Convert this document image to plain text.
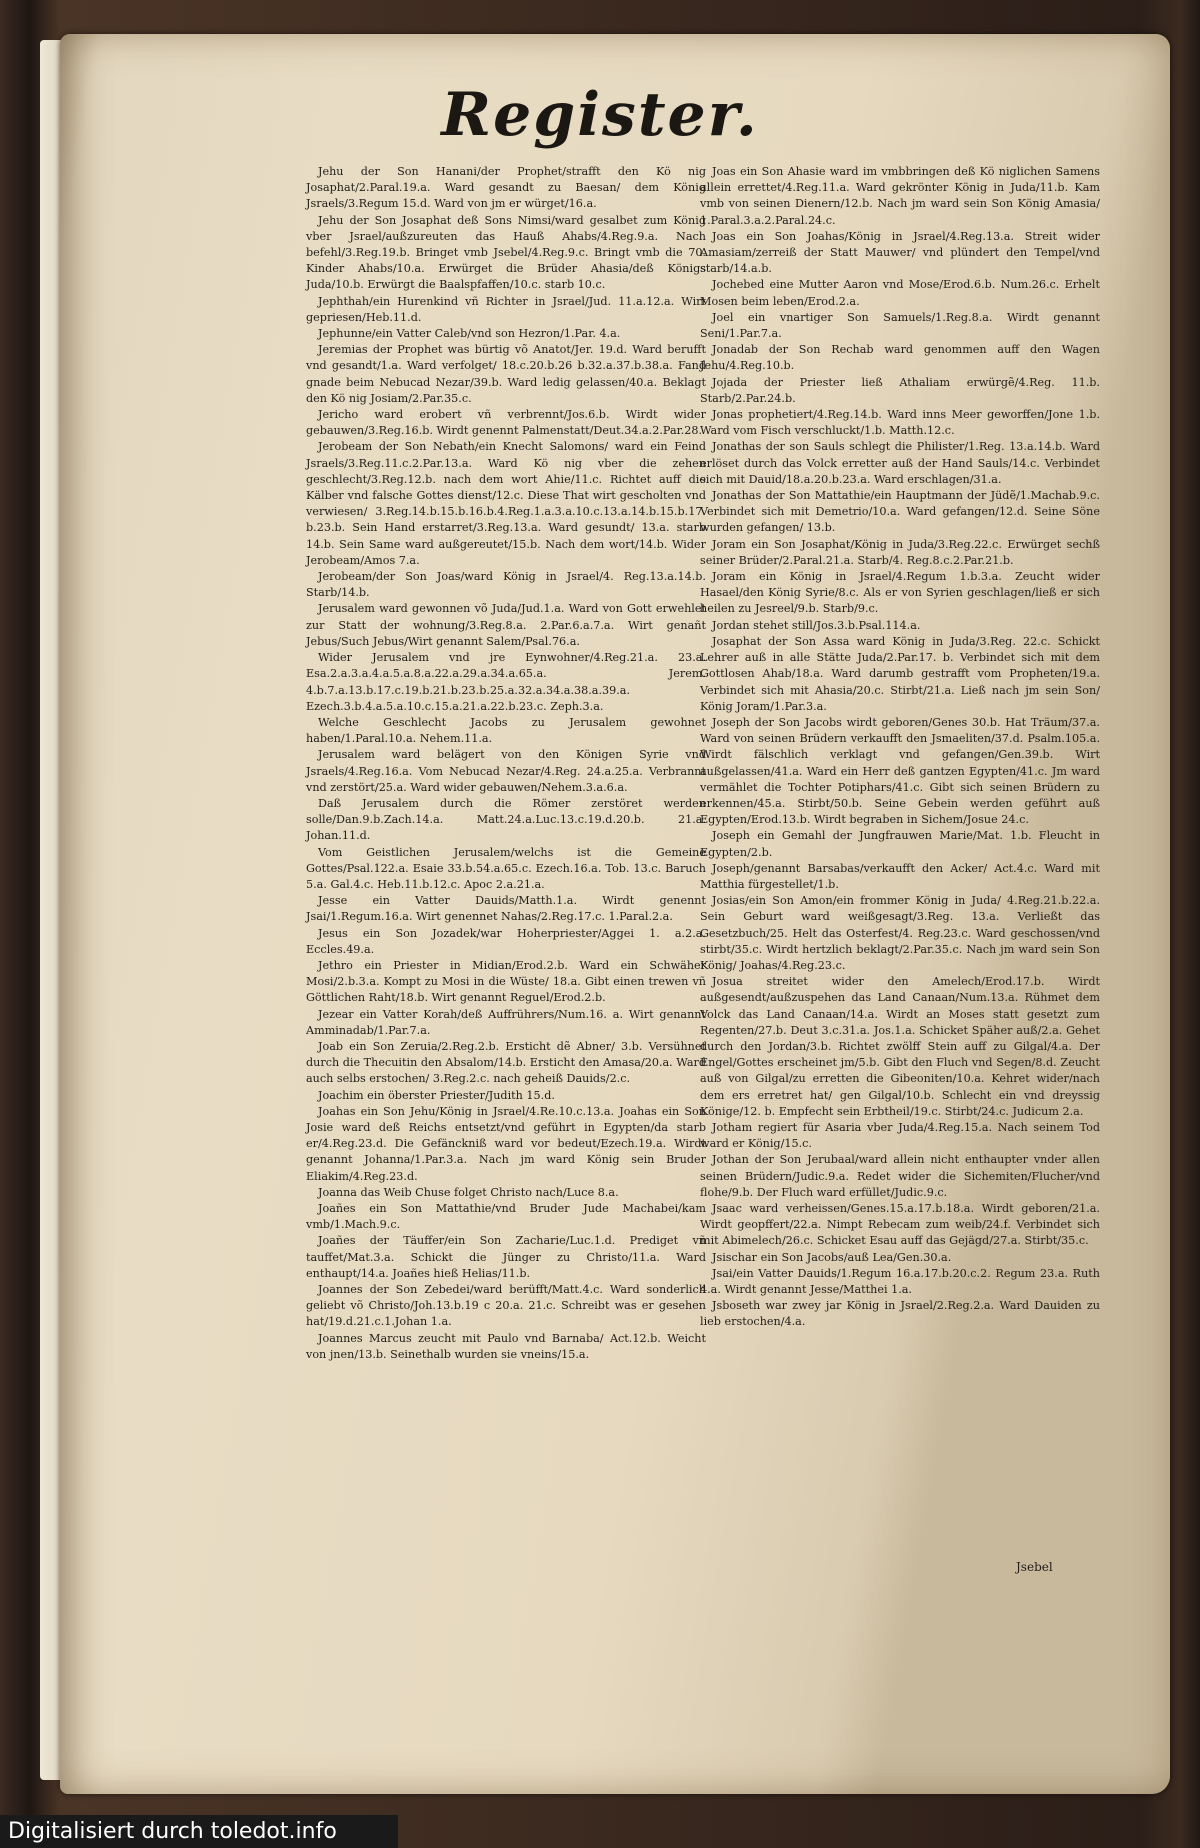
Register.

Jehu der Son Hanani/der Prophet/strafft den Kö nig Josaphat/2.Paral.19.a. Ward gesandt zu Baesan/ dem König Jsraels/3.Regum 15.d. Ward von jm er würget/16.a.

Jehu der Son Josaphat deß Sons Nimsi/ward gesalbet zum König vber Jsrael/außzureuten das Hauß Ahabs/4.Reg.9.a. Nach befehl/3.Reg.19.b. Bringet vmb Jsebel/4.Reg.9.c. Bringt vmb die 70. Kinder Ahabs/10.a. Erwürget die Brüder Ahasia/deß Königs Juda/10.b. Erwürgt die Baalspfaffen/10.c. starb 10.c.

Jephthah/ein Hurenkind vñ Richter in Jsrael/Jud. 11.a.12.a. Wirt gepriesen/Heb.11.d.

Jephunne/ein Vatter Caleb/vnd son Hezron/1.Par. 4.a.

Jeremias der Prophet was bürtig võ Anatot/Jer. 19.d. Ward berufft vnd gesandt/1.a. Ward verfolget/ 18.c.20.b.26 b.32.a.37.b.38.a. Fand gnade beim Nebucad Nezar/39.b. Ward ledig gelassen/40.a. Beklagt den Kö nig Josiam/2.Par.35.c.

Jericho ward erobert vñ verbrennt/Jos.6.b. Wirdt wider gebauwen/3.Reg.16.b. Wirdt genennt Palmenstatt/Deut.34.a.2.Par.28.

Jerobeam der Son Nebath/ein Knecht Salomons/ ward ein Feind Jsraels/3.Reg.11.c.2.Par.13.a. Ward Kö nig vber die zehen geschlecht/3.Reg.12.b. nach dem wort Ahie/11.c. Richtet auff die Kälber vnd falsche Gottes dienst/12.c. Diese That wirt gescholten vnd verwiesen/ 3.Reg.14.b.15.b.16.b.4.Reg.1.a.3.a.10.c.13.a.14.b.15.b.17. b.23.b. Sein Hand erstarret/3.Reg.13.a. Ward gesundt/ 13.a. starb 14.b. Sein Same ward außgereutet/15.b. Nach dem wort/14.b. Wider Jerobeam/Amos 7.a.

Jerobeam/der Son Joas/ward König in Jsrael/4. Reg.13.a.14.b. Starb/14.b.

Jerusalem ward gewonnen võ Juda/Jud.1.a. Ward von Gott erwehlet zur Statt der wohnung/3.Reg.8.a. 2.Par.6.a.7.a. Wirt genañt Jebus/Such Jebus/Wirt genannt Salem/Psal.76.a.

Wider Jerusalem vnd jre Eynwohner/4.Reg.21.a. 23.a. Esa.2.a.3.a.4.a.5.a.8.a.22.a.29.a.34.a.65.a. Jerem. 4.b.7.a.13.b.17.c.19.b.21.b.23.b.25.a.32.a.34.a.38.a.39.a. Ezech.3.b.4.a.5.a.10.c.15.a.21.a.22.b.23.c. Zeph.3.a.

Welche Geschlecht Jacobs zu Jerusalem gewohnet haben/1.Paral.10.a. Nehem.11.a.

Jerusalem ward belägert von den Königen Syrie vnd Jsraels/4.Reg.16.a. Vom Nebucad Nezar/4.Reg. 24.a.25.a. Verbrannt vnd zerstört/25.a. Ward wider gebauwen/Nehem.3.a.6.a.

Daß Jerusalem durch die Römer zerstöret werden solle/Dan.9.b.Zach.14.a. Matt.24.a.Luc.13.c.19.d.20.b. 21.a. Johan.11.d.

Vom Geistlichen Jerusalem/welchs ist die Gemeine Gottes/Psal.122.a. Esaie 33.b.54.a.65.c. Ezech.16.a. Tob. 13.c. Baruch 5.a. Gal.4.c. Heb.11.b.12.c. Apoc 2.a.21.a.

Jesse ein Vatter Dauids/Matth.1.a. Wirdt genennt Jsai/1.Regum.16.a. Wirt genennet Nahas/2.Reg.17.c. 1.Paral.2.a.

Jesus ein Son Jozadek/war Hoherpriester/Aggei 1. a.2.a. Eccles.49.a.

Jethro ein Priester in Midian/Erod.2.b. Ward ein Schwäher Mosi/2.b.3.a. Kompt zu Mosi in die Wüste/ 18.a. Gibt einen trewen vñ Göttlichen Raht/18.b. Wirt genannt Reguel/Erod.2.b.

Jezear ein Vatter Korah/deß Auffrührers/Num.16. a. Wirt genannt Amminadab/1.Par.7.a.

Joab ein Son Zeruia/2.Reg.2.b. Ersticht dẽ Abner/ 3.b. Versühnet durch die Thecuitin den Absalom/14.b. Ersticht den Amasa/20.a. Ward auch selbs erstochen/ 3.Reg.2.c. nach geheiß Dauids/2.c.

Joachim ein öberster Priester/Judith 15.d.

Joahas ein Son Jehu/König in Jsrael/4.Re.10.c.13.a. Joahas ein Son Josie ward deß Reichs entsetzt/vnd geführt in Egypten/da starb er/4.Reg.23.d. Die Gefänckniß ward vor bedeut/Ezech.19.a. Wirdt genannt Johanna/1.Par.3.a. Nach jm ward König sein Bruder Eliakim/4.Reg.23.d.

Joanna das Weib Chuse folget Christo nach/Luce 8.a.

Joañes ein Son Mattathie/vnd Bruder Jude Machabei/kam vmb/1.Mach.9.c.

Joañes der Täuffer/ein Son Zacharie/Luc.1.d. Prediget vñ tauffet/Mat.3.a. Schickt die Jünger zu Christo/11.a. Ward enthaupt/14.a. Joañes hieß Helias/11.b.

Joannes der Son Zebedei/ward berüfft/Matt.4.c. Ward sonderlich geliebt võ Christo/Joh.13.b.19 c 20.a. 21.c. Schreibt was er gesehen hat/19.d.21.c.1.Johan 1.a.

Joannes Marcus zeucht mit Paulo vnd Barnaba/ Act.12.b. Weicht von jnen/13.b. Seinethalb wurden sie vneins/15.a.

Joas ein Son Ahasie ward im vmbbringen deß Kö niglichen Samens allein errettet/4.Reg.11.a. Ward gekrönter König in Juda/11.b. Kam vmb von seinen Dienern/12.b. Nach jm ward sein Son König Amasia/ 1.Paral.3.a.2.Paral.24.c.

Joas ein Son Joahas/König in Jsrael/4.Reg.13.a. Streit wider Amasiam/zerreiß der Statt Mauwer/ vnd plündert den Tempel/vnd starb/14.a.b.

Jochebed eine Mutter Aaron vnd Mose/Erod.6.b. Num.26.c. Erhelt Mosen beim leben/Erod.2.a.

Joel ein vnartiger Son Samuels/1.Reg.8.a. Wirdt genannt Seni/1.Par.7.a.

Jonadab der Son Rechab ward genommen auff den Wagen Jehu/4.Reg.10.b.

Jojada der Priester ließ Athaliam erwürgẽ/4.Reg. 11.b. Starb/2.Par.24.b.

Jonas prophetiert/4.Reg.14.b. Ward inns Meer geworffen/Jone 1.b. Ward vom Fisch verschluckt/1.b. Matth.12.c.

Jonathas der son Sauls schlegt die Philister/1.Reg. 13.a.14.b. Ward erlöset durch das Volck erretter auß der Hand Sauls/14.c. Verbindet sich mit Dauid/18.a.20.b.23.a. Ward erschlagen/31.a.

Jonathas der Son Mattathie/ein Hauptmann der Jüdẽ/1.Machab.9.c. Verbindet sich mit Demetrio/10.a. Ward gefangen/12.d. Seine Söne wurden gefangen/ 13.b.

Joram ein Son Josaphat/König in Juda/3.Reg.22.c. Erwürget sechß seiner Brüder/2.Paral.21.a. Starb/4. Reg.8.c.2.Par.21.b.

Joram ein König in Jsrael/4.Regum 1.b.3.a. Zeucht wider Hasael/den König Syrie/8.c. Als er von Syrien geschlagen/ließ er sich heilen zu Jesreel/9.b. Starb/9.c.

Jordan stehet still/Jos.3.b.Psal.114.a.

Josaphat der Son Assa ward König in Juda/3.Reg. 22.c. Schickt Lehrer auß in alle Stätte Juda/2.Par.17. b. Verbindet sich mit dem Gottlosen Ahab/18.a. Ward darumb gestrafft vom Propheten/19.a. Verbindet sich mit Ahasia/20.c. Stirbt/21.a. Ließ nach jm sein Son/ König Joram/1.Par.3.a.

Joseph der Son Jacobs wirdt geboren/Genes 30.b. Hat Träum/37.a. Ward von seinen Brüdern verkaufft den Jsmaeliten/37.d. Psalm.105.a. Wirdt fälschlich verklagt vnd gefangen/Gen.39.b. Wirt außgelassen/41.a. Ward ein Herr deß gantzen Egypten/41.c. Jm ward vermählet die Tochter Potiphars/41.c. Gibt sich seinen Brüdern zu erkennen/45.a. Stirbt/50.b. Seine Gebein werden geführt auß Egypten/Erod.13.b. Wirdt begraben in Sichem/Josue 24.c.

Joseph ein Gemahl der Jungfrauwen Marie/Mat. 1.b. Fleucht in Egypten/2.b.

Joseph/genannt Barsabas/verkaufft den Acker/ Act.4.c. Ward mit Matthia fürgestellet/1.b.

Josias/ein Son Amon/ein frommer König in Juda/ 4.Reg.21.b.22.a. Sein Geburt ward weißgesagt/3.Reg. 13.a. Verließt das Gesetzbuch/25. Helt das Osterfest/4. Reg.23.c. Ward geschossen/vnd stirbt/35.c. Wirdt hertzlich beklagt/2.Par.35.c. Nach jm ward sein Son König/ Joahas/4.Reg.23.c.

Josua streitet wider den Amelech/Erod.17.b. Wirdt außgesendt/außzuspehen das Land Canaan/Num.13.a. Rühmet dem Volck das Land Canaan/14.a. Wirdt an Moses statt gesetzt zum Regenten/27.b. Deut 3.c.31.a. Jos.1.a. Schicket Späher auß/2.a. Gehet durch den Jordan/3.b. Richtet zwölff Stein auff zu Gilgal/4.a. Der Engel/Gottes erscheinet jm/5.b. Gibt den Fluch vnd Segen/8.d. Zeucht auß von Gilgal/zu erretten die Gibeoniten/10.a. Kehret wider/nach dem ers erretret hat/ gen Gilgal/10.b. Schlecht ein vnd dreyssig Könige/12. b. Empfecht sein Erbtheil/19.c. Stirbt/24.c. Judicum 2.a.

Jotham regiert für Asaria vber Juda/4.Reg.15.a. Nach seinem Tod ward er König/15.c.

Jothan der Son Jerubaal/ward allein nicht enthaupter vnder allen seinen Brüdern/Judic.9.a. Redet wider die Sichemiten/Flucher/vnd flohe/9.b. Der Fluch ward erfüllet/Judic.9.c.

Jsaac ward verheissen/Genes.15.a.17.b.18.a. Wirdt geboren/21.a. Wirdt geopffert/22.a. Nimpt Rebecam zum weib/24.f. Verbindet sich mit Abimelech/26.c. Schicket Esau auff das Gejägd/27.a. Stirbt/35.c.

Jsischar ein Son Jacobs/auß Lea/Gen.30.a.

Jsai/ein Vatter Dauids/1.Regum 16.a.17.b.20.c.2. Regum 23.a. Ruth 4.a. Wirdt genannt Jesse/Matthei 1.a.

Jsboseth war zwey jar König in Jsrael/2.Reg.2.a. Ward Dauiden zu lieb erstochen/4.a.

Jsebel
Digitalisiert durch toledot.info
